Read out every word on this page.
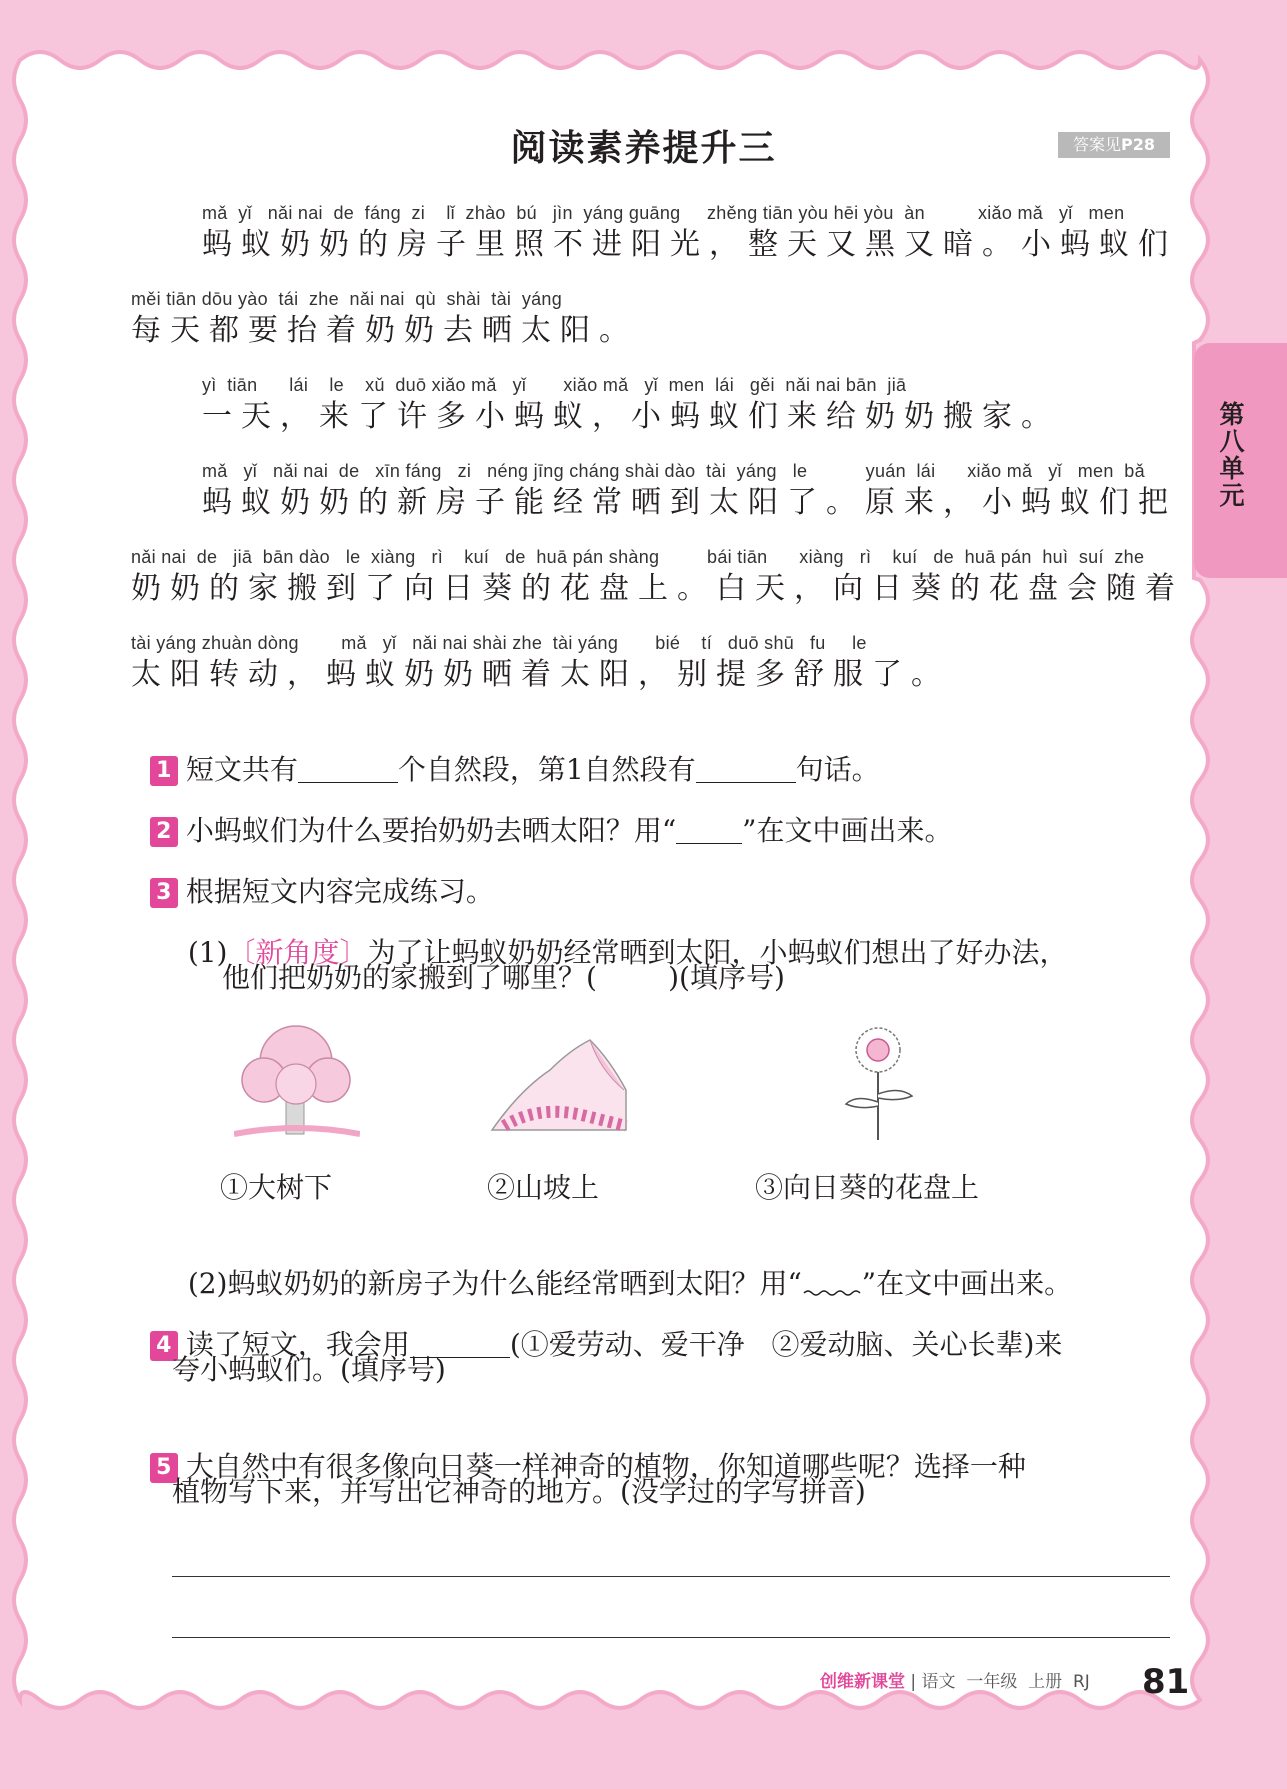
阅读素养提升三	答案见P28
第八单元
mǎ  yǐ   nǎi nai  de  fáng  zi    lǐ  zhào  bú   jìn  yáng guāng     zhěng tiān yòu hēi yòu  àn          xiǎo mǎ   yǐ   men
蚂蚁奶奶的房子里照不进阳光，整天又黑又暗。小蚂蚁们
měi tiān dōu yào  tái  zhe  nǎi nai  qù  shài  tài  yáng
每天都要抬着奶奶去晒太阳。
yì  tiān      lái    le    xǔ  duō xiǎo mǎ   yǐ       xiǎo mǎ   yǐ  men  lái   gěi  nǎi nai bān  jiā
一天，来了许多小蚂蚁，小蚂蚁们来给奶奶搬家。
mǎ   yǐ   nǎi nai  de   xīn fáng   zi   néng jīng cháng shài dào  tài  yáng   le           yuán  lái      xiǎo mǎ   yǐ   men  bǎ
蚂蚁奶奶的新房子能经常晒到太阳了。原来，小蚂蚁们把
nǎi nai  de   jiā  bān dào   le  xiàng   rì    kuí   de  huā pán shàng         bái tiān      xiàng   rì    kuí   de  huā pán  huì  suí  zhe
奶奶的家搬到了向日葵的花盘上。白天，向日葵的花盘会随着
tài yáng zhuàn dòng        mǎ   yǐ   nǎi nai shài zhe  tài yáng       bié    tí   duō shū   fu     le
太阳转动，蚂蚁奶奶晒着太阳，别提多舒服了。

1 短文共有	个自然段，第1自然段有	句话。

2 小蚂蚁们为什么要抬奶奶去晒太阳？用“ ”在文中画出来。

3 根据短文内容完成练习。

(1)〔新角度〕为了让蚂蚁奶奶经常晒到太阳，小蚂蚁们想出了好办法，

他们把奶奶的家搬到了哪里？(        )(填序号)
①大树下	②山坡上	③向日葵的花盘上

(2)蚂蚁奶奶的新房子为什么能经常晒到太阳？用“ ”在文中画出来。

4 读了短文，我会用	(①爱劳动、爱干净   ②爱动脑、关心长辈)来

夸小蚂蚁们。(填序号)

5 大自然中有很多像向日葵一样神奇的植物，你知道哪些呢？选择一种

植物写下来，并写出它神奇的地方。(没学过的字写拼音)
创维新课堂 | 语文  一年级  上册  RJ 81
